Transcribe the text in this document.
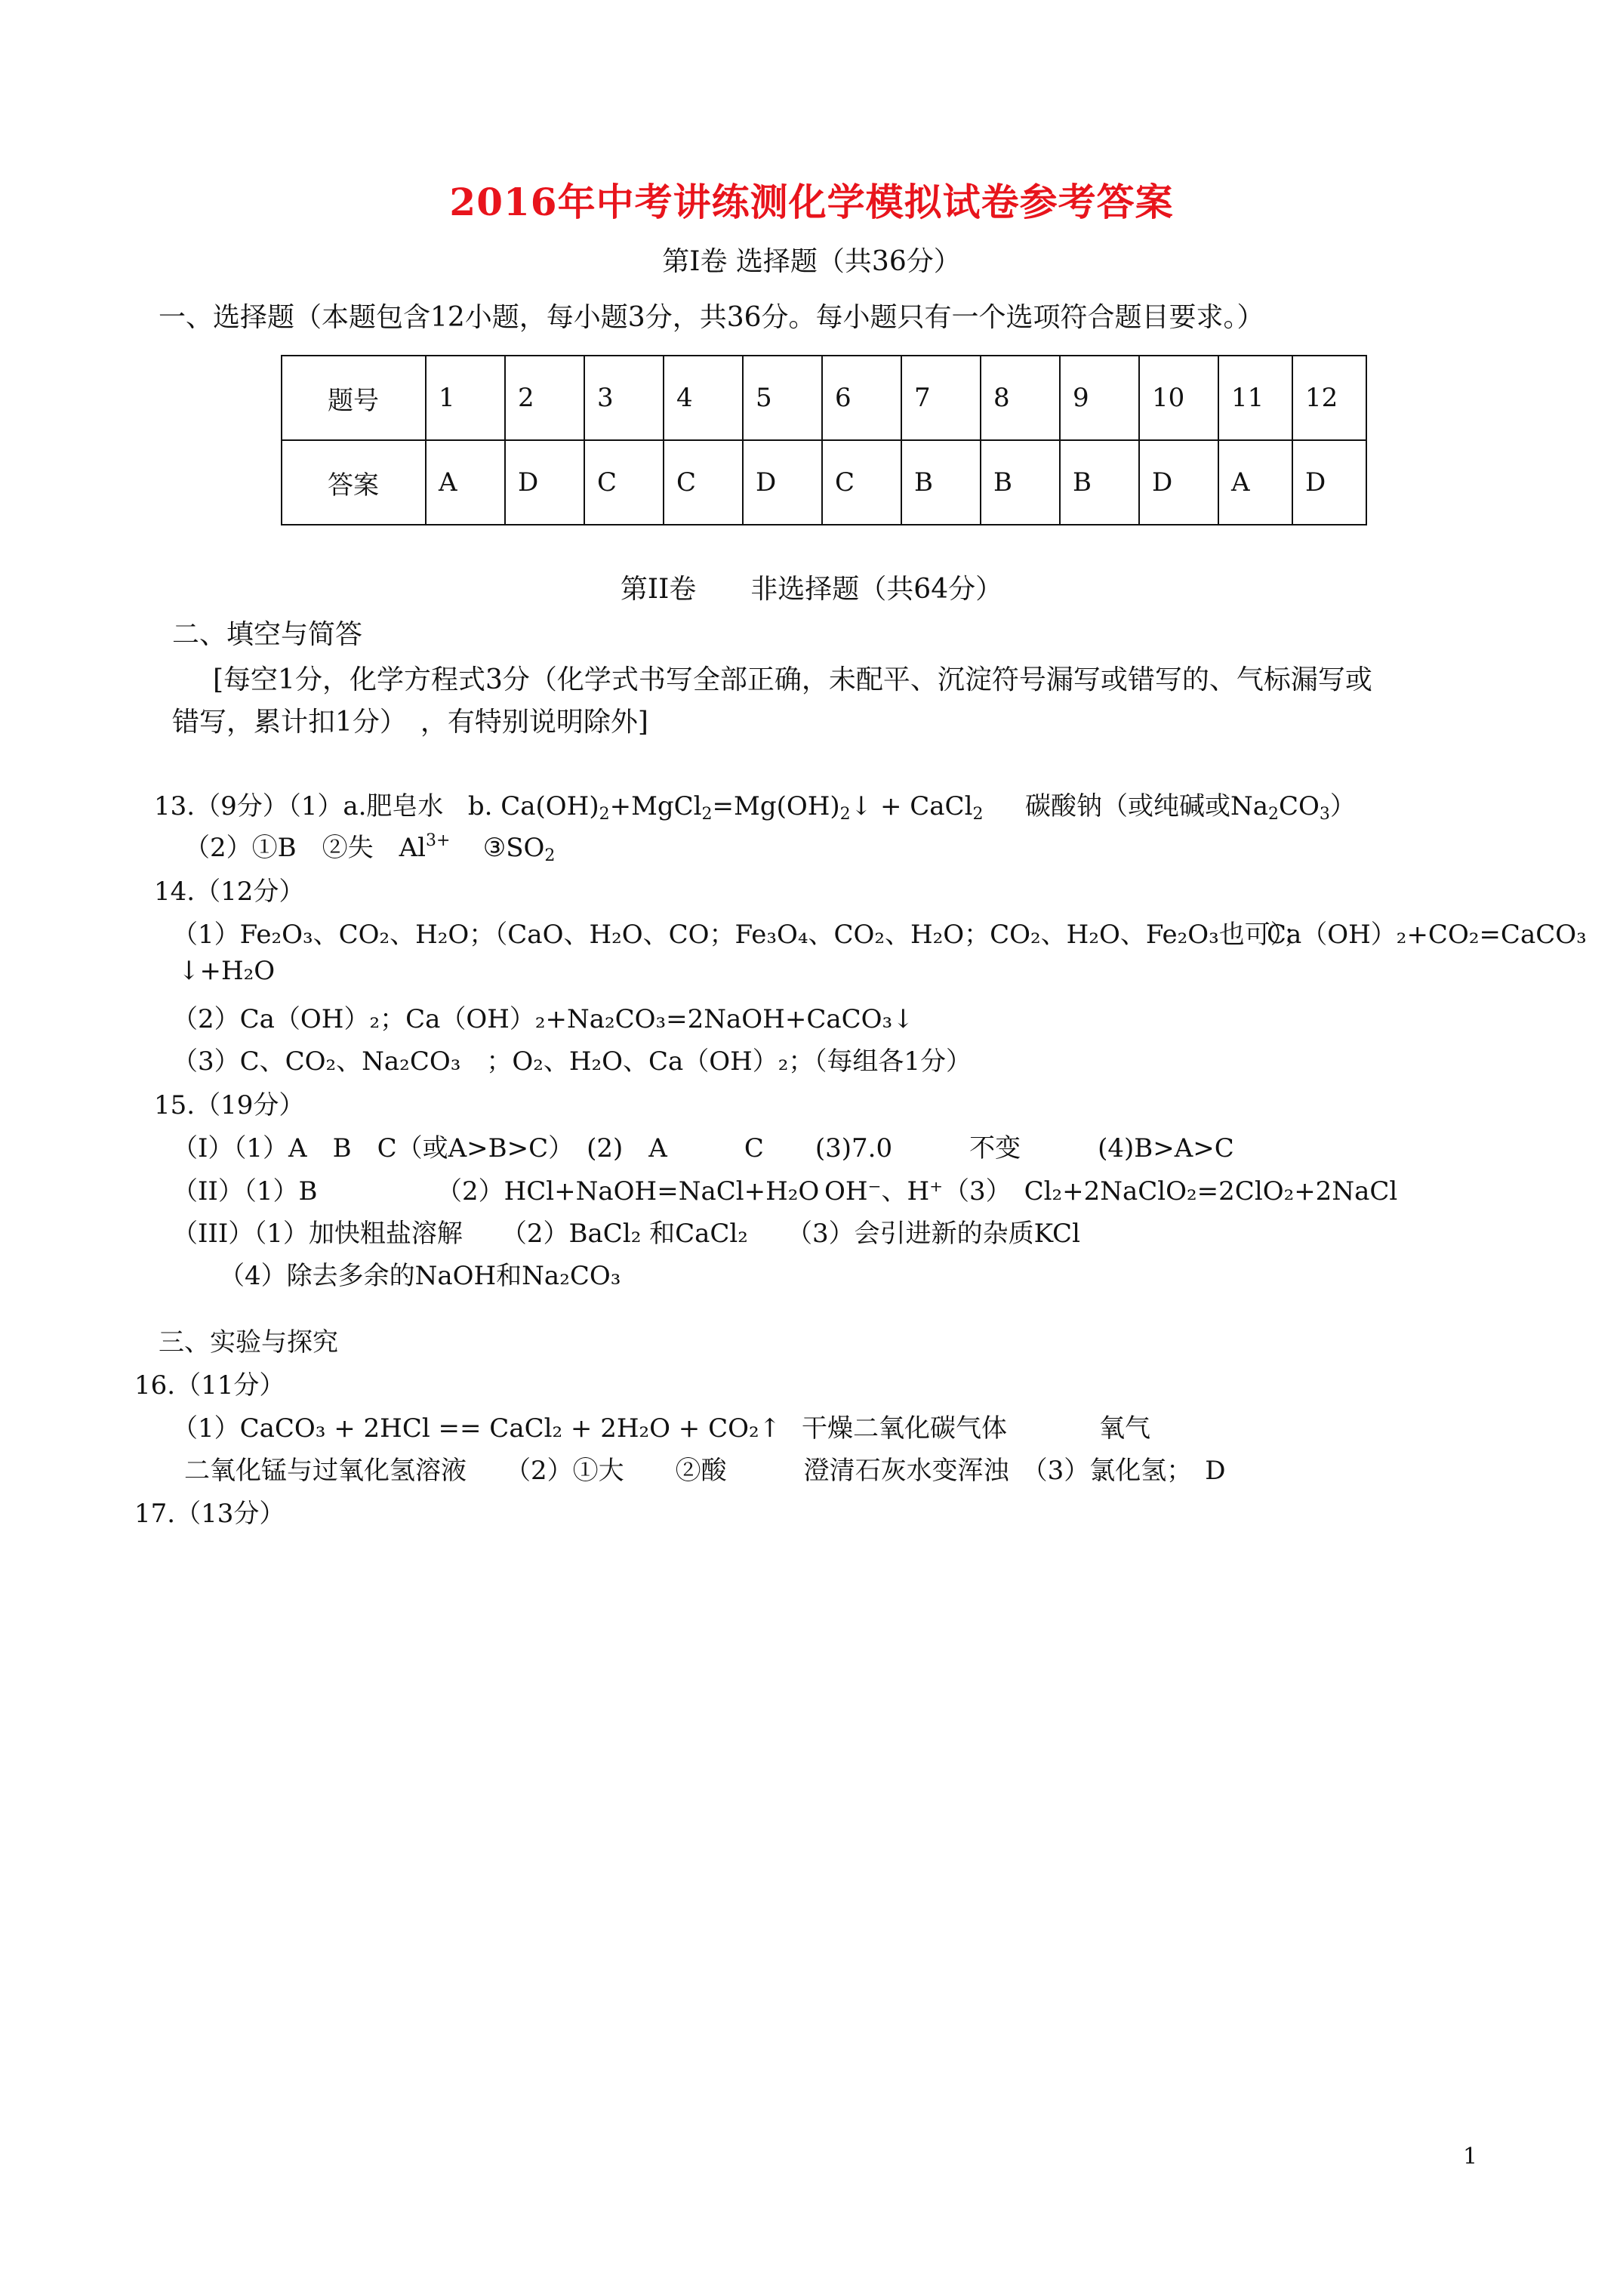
2016年中考讲练测化学模拟试卷参考答案
第Ⅰ卷 选择题（共36分）
一、选择题（本题包含12小题，每小题3分，共36分。每小题只有一个选项符合题目要求。）
题号	1	2	3	4	5	6	7	8	9	10	11	12
答案	A	D	C	C	D	C	B	B	B	D	A	D
第II卷　　非选择题（共64分）
二、填空与简答
[每空1分，化学方程式3分（化学式书写全部正确，未配平、沉淀符号漏写或错写的、气标漏写或
错写，累计扣1分）　，有特别说明除外]
13.（9分）（1）a.肥皂水 b. $Ca(OH)_2+MgCl_2=Mg(OH)_2↓$ + CaCl$_2$ 碳酸钠（或纯碱或$Na_2CO_3$）
（2）①B　②失　$Al^{3+}$ $③SO_2$
14.（12分）
（1）Fe₂O₃、CO₂、H₂O；（CaO、H₂O、CO；Fe₃O₄、CO₂、H₂O；CO₂、H₂O、Fe₂O₃也可）；
Ca（OH）₂+CO₂=CaCO₃
↓+H₂O
（2）Ca（OH）₂；Ca（OH）₂+Na₂CO₃=2NaOH+CaCO₃↓
（3）C、CO₂、Na₂CO₃　；O₂、H₂O、Ca（OH）₂；（每组各1分）
15.（19分）
（I）（1）A　B　C（或A>B>C）　(2)　A　　　C　　(3)7.0　　　不变　　　(4)B>A>C
（II）（1）B	（2）HCl+NaOH=NaCl+H₂O OH⁻、H⁺ （3）　Cl₂+2NaClO₂=2ClO₂+2NaCl
（III）（1）加快粗盐溶解　　（2）BaCl₂ 和CaCl₂　　（3）会引进新的杂质KCl
（4）除去多余的NaOH和Na₂CO₃
三、实验与探究
16.（11分）
（1）CaCO₃ + 2HCl == CaCl₂ + 2H₂O + CO₂↑ 干燥二氧化碳气体	氧气
二氧化锰与过氧化氢溶液　　（2）①大　　②酸　　　澄清石灰水变浑浊　（3）氯化氢；　D
17.（13分）
1
